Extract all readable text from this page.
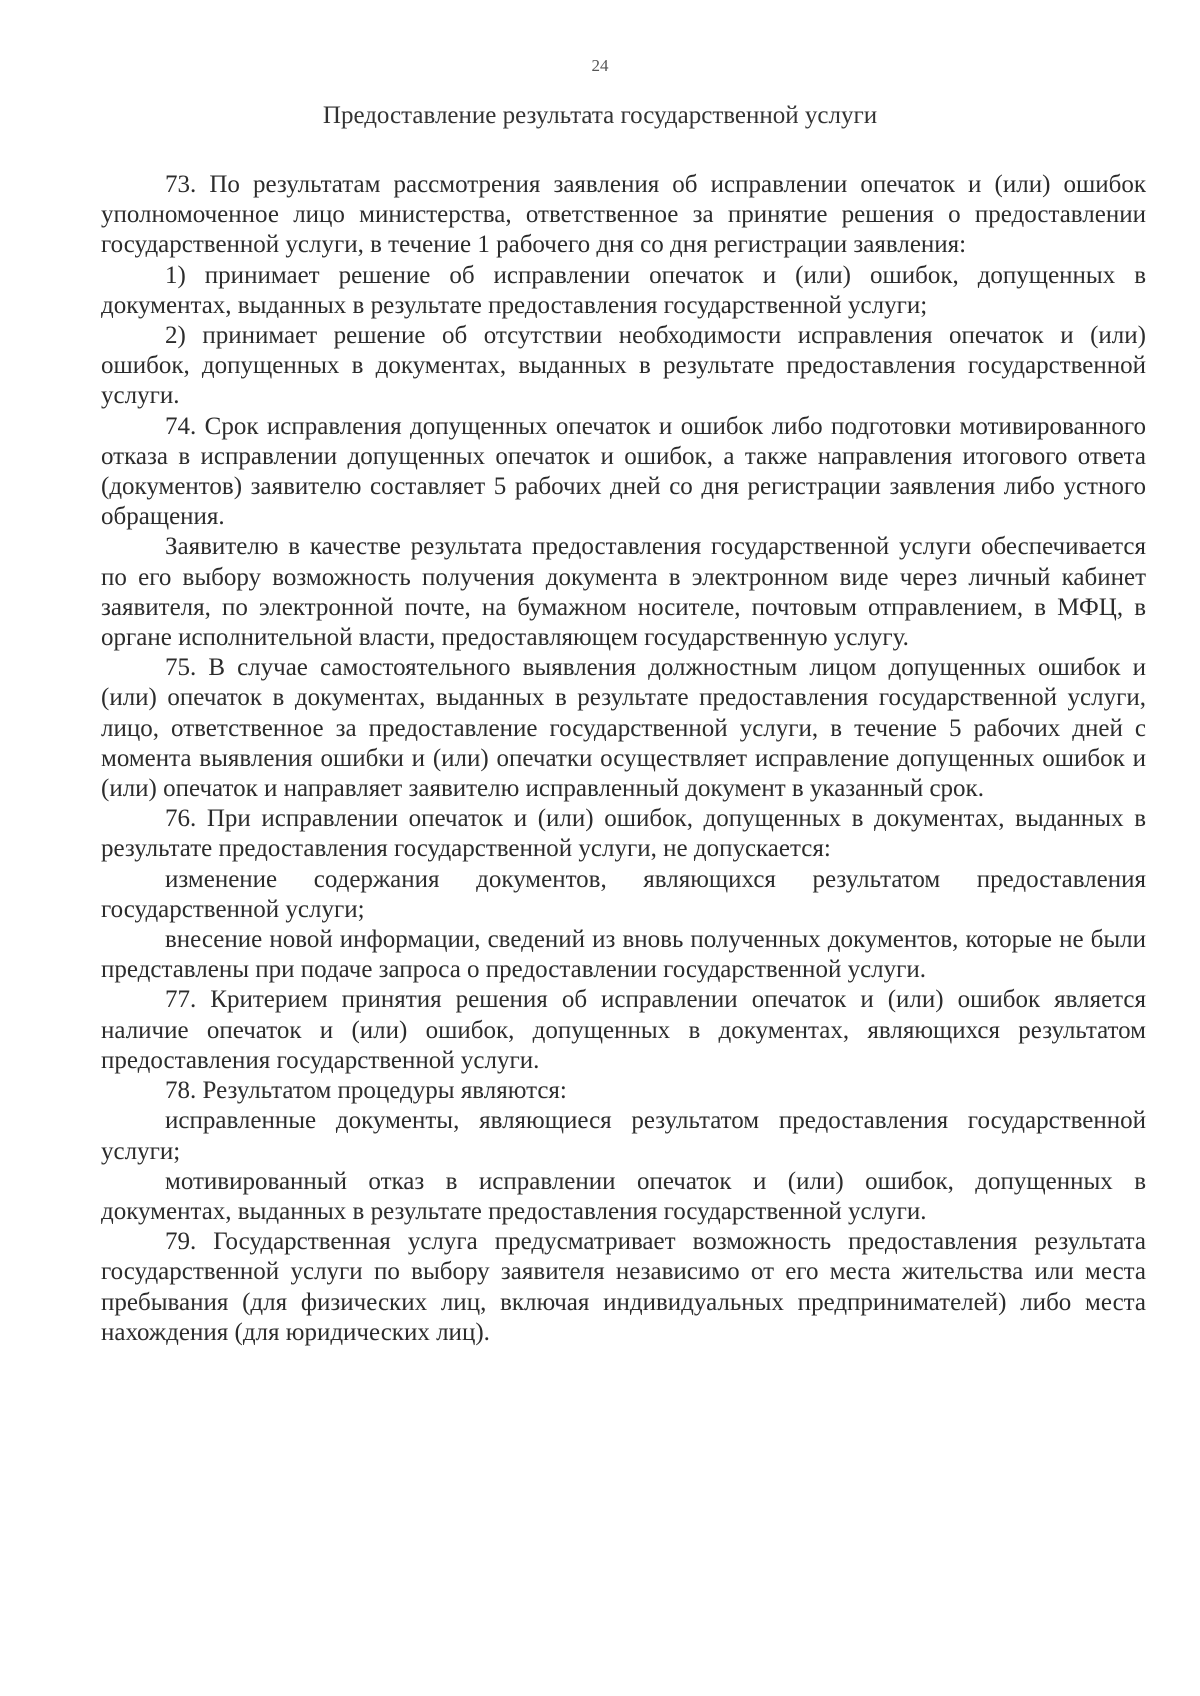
24
Предоставление результата государственной услуги

73. По результатам рассмотрения заявления об исправлении опечаток и (или) ошибок уполномоченное лицо министерства, ответственное за принятие решения о предоставлении государственной услуги, в течение 1 рабочего дня со дня регистрации заявления:

1) принимает решение об исправлении опечаток и (или) ошибок, допущенных в документах, выданных в результате предоставления государственной услуги;

2) принимает решение об отсутствии необходимости исправления опечаток и (или) ошибок, допущенных в документах, выданных в результате предоставления государственной услуги.

74. Срок исправления допущенных опечаток и ошибок либо подготовки мотивированного отказа в исправлении допущенных опечаток и ошибок, а также направления итогового ответа (документов) заявителю составляет 5 рабочих дней со дня регистрации заявления либо устного обращения.

Заявителю в качестве результата предоставления государственной услуги обеспечивается по его выбору возможность получения документа в электронном виде через личный кабинет заявителя, по электронной почте, на бумажном носителе, почтовым отправлением, в МФЦ, в органе исполнительной власти, предоставляющем государственную услугу.

75. В случае самостоятельного выявления должностным лицом допущенных ошибок и (или) опечаток в документах, выданных в результате предоставления государственной услуги, лицо, ответственное за предоставление государственной услуги, в течение 5 рабочих дней с момента выявления ошибки и (или) опечатки осуществляет исправление допущенных ошибок и (или) опечаток и направляет заявителю исправленный документ в указанный срок.

76. При исправлении опечаток и (или) ошибок, допущенных в документах, выданных в результате предоставления государственной услуги, не допускается:

изменение содержания документов, являющихся результатом предоставления государственной услуги;

внесение новой информации, сведений из вновь полученных документов, которые не были представлены при подаче запроса о предоставлении государственной услуги.

77. Критерием принятия решения об исправлении опечаток и (или) ошибок является наличие опечаток и (или) ошибок, допущенных в документах, являющихся результатом предоставления государственной услуги.

78. Результатом процедуры являются:

исправленные документы, являющиеся результатом предоставления государственной услуги;

мотивированный отказ в исправлении опечаток и (или) ошибок, допущенных в документах, выданных в результате предоставления государственной услуги.

79. Государственная услуга предусматривает возможность предоставления результата государственной услуги по выбору заявителя независимо от его места жительства или места пребывания (для физических лиц, включая индивидуальных предпринимателей) либо места нахождения (для юридических лиц).
